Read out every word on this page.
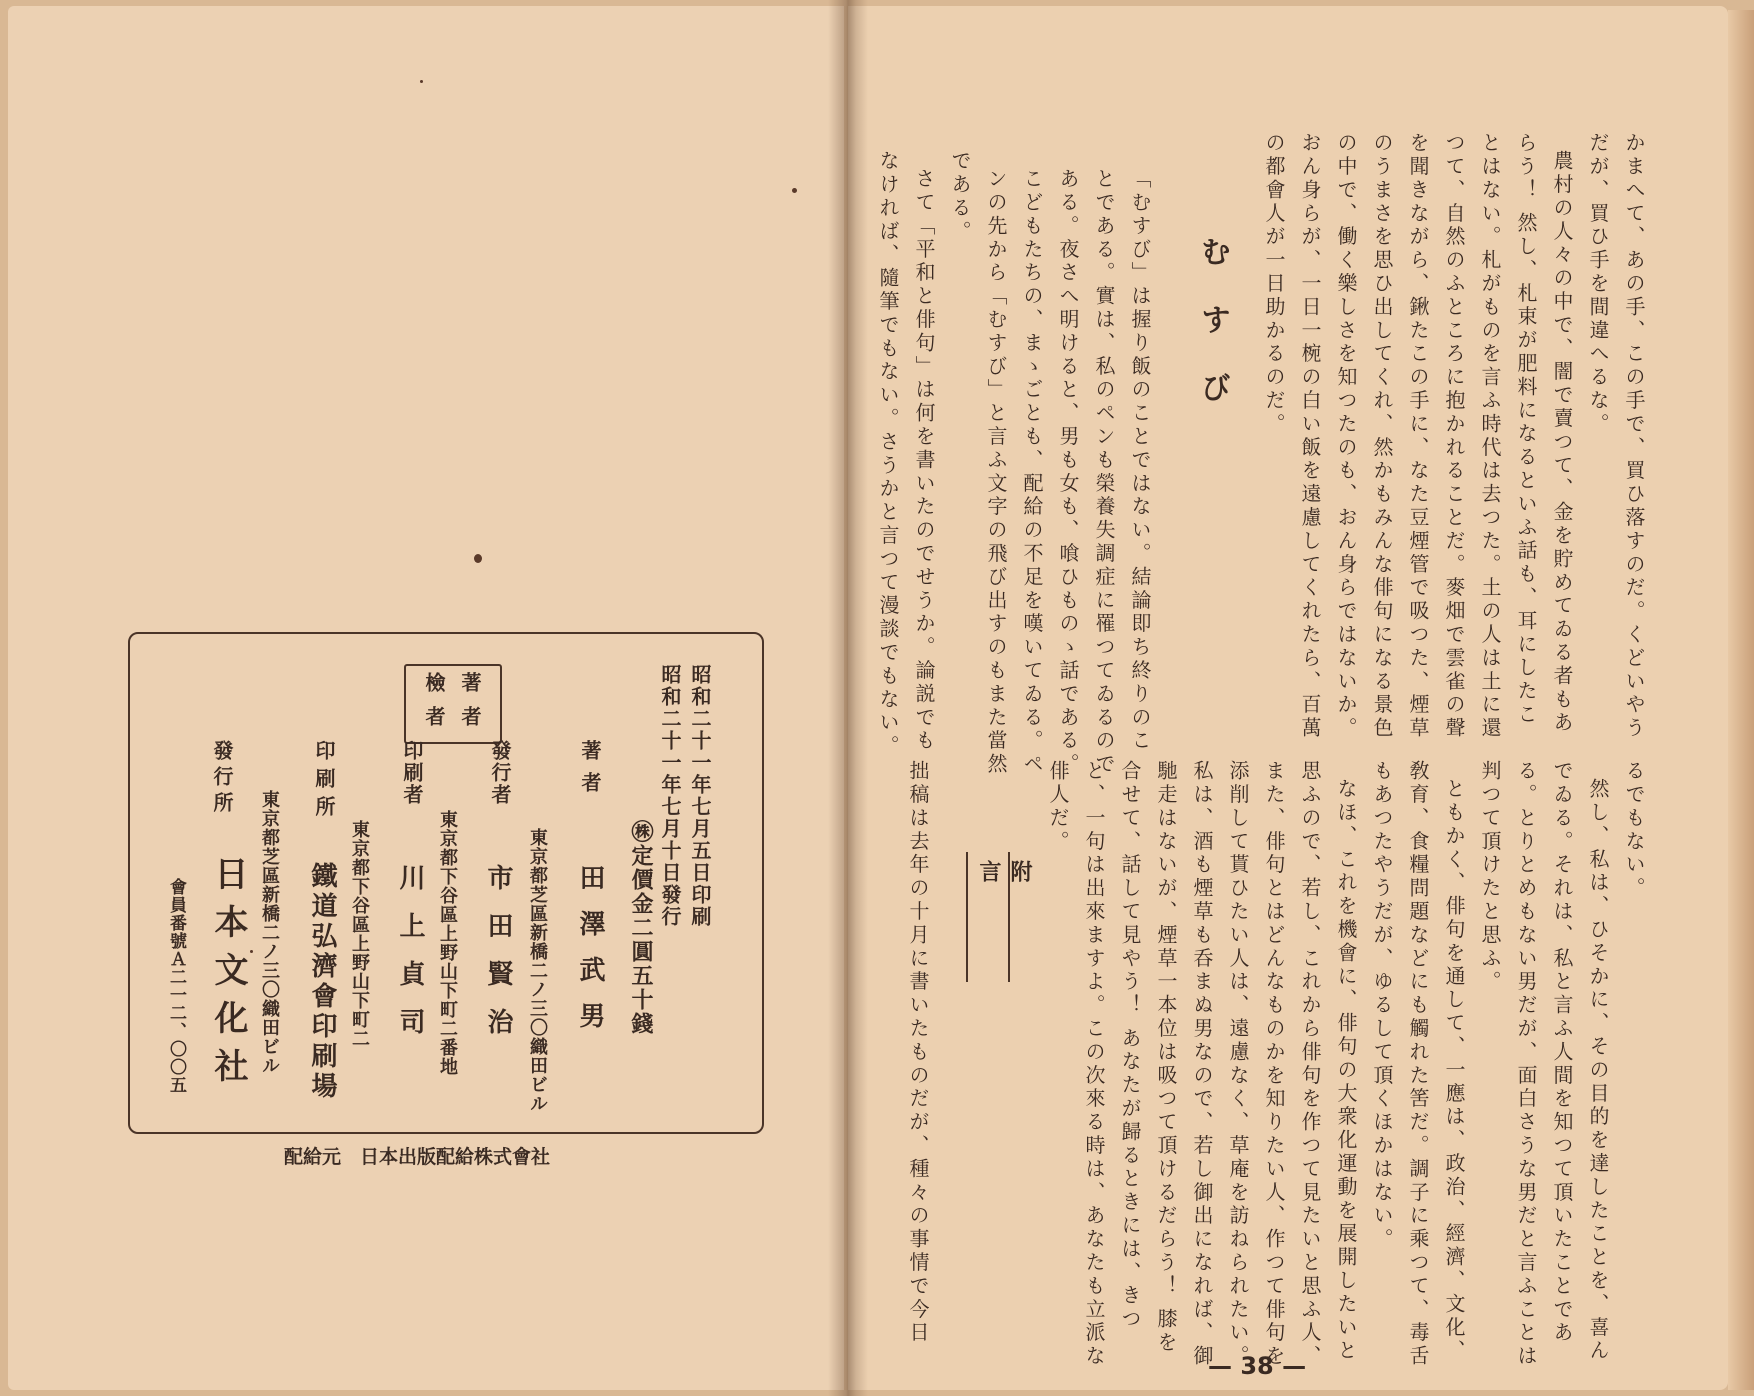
かまへて、あの手、この手で、買ひ落すのだ。くどいやう
だが、買ひ手を間違へるな。
農村の人々の中で、闇で賣つて、金を貯めてゐる者もあ
らう！ 然し、札束が肥料になるといふ話も、耳にしたこ
とはない。札がものを言ふ時代は去つた。土の人は土に還
つて、自然のふところに抱かれることだ。麥畑で雲雀の聲
を聞きながら、鍬たこの手に、なた豆煙管で吸つた、煙草
のうまさを思ひ出してくれ、然かもみんな俳句になる景色
の中で、働く樂しさを知つたのも、おん身らではないか。
おん身らが、一日一椀の白い飯を遠慮してくれたら、百萬
の都會人が一日助かるのだ。
むすび
「むすび」は握り飯のことではない。結論即ち終りのこ
とである。實は、私のペンも榮養失調症に罹つてゐるので
ある。夜さへ明けると、男も女も、喰ひものゝ話である。
こどもたちの、まゝごとも、配給の不足を嘆いてゐる。ペ
ンの先から「むすび」と言ふ文字の飛び出すのもまた當然
である。
さて「平和と俳句」は何を書いたのでせうか。論説でも
なければ、隨筆でもない。さうかと言つて漫談でもない。
るでもない。
然し、私は、ひそかに、その目的を達したことを、喜ん
でゐる。それは、私と言ふ人間を知つて頂いたことであ
る。とりとめもない男だが、面白さうな男だと言ふことは
判つて頂けたと思ふ。
ともかく、俳句を通して、一應は、政治、經濟、文化、
敎育、食糧問題などにも觸れた筈だ。調子に乘つて、毒舌
もあつたやうだが、ゆるして頂くほかはない。
なほ、これを機會に、俳句の大衆化運動を展開したいと
思ふので、若し、これから俳句を作つて見たいと思ふ人、
また、俳句とはどんなものかを知りたい人、作つて俳句を
添削して貰ひたい人は、遠慮なく、草庵を訪ねられたい。
私は、酒も煙草も呑まぬ男なので、若し御出になれば、御
馳走はないが、煙草一本位は吸つて頂けるだらう！ 膝を
合せて、話して見やう！ あなたが歸るときには、きつ
と、一句は出來ますよ。この次來る時は、あなたも立派な
俳人だ。
附言
拙稿は去年の十月に書いたものだが、種々の事情で今日
— 38 —
昭和二十一年七月五日印刷
昭和二十一年七月十日發行
㊑定價金二圓五十錢
著者
檢者
著者
田澤武男
東京都芝區新橋二ノ三〇織田ビル
發行者
市田賢治
東京都下谷區上野山下町二番地
印刷者
川上貞司
東京都下谷區上野山下町二
印刷所
鐵道弘濟會印刷場
東京都芝區新橋二ノ三〇織田ビル
發行所
日本文化社
會員番號Ａ二一二、〇〇五
配給元　日本出版配給株式會社
